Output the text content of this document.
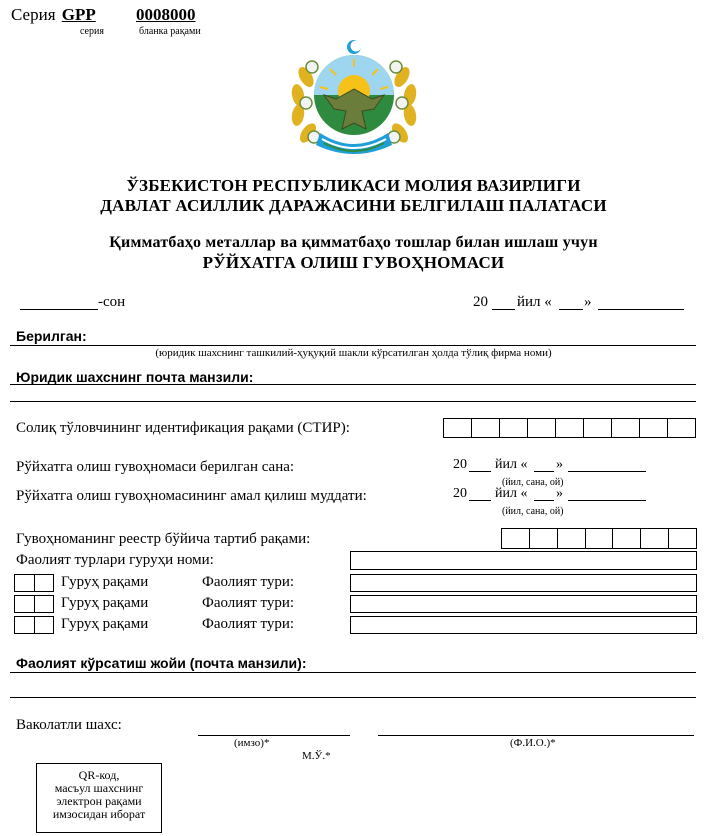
Серия GPP 0008000
серия	бланка рақами
ЎЗБЕКИСТОН РЕСПУБЛИКАСИ МОЛИЯ ВАЗИРЛИГИ
ДАВЛАТ АСИЛЛИК ДАРАЖАСИНИ БЕЛГИЛАШ ПАЛАТАСИ
Қимматбаҳо металлар ва қимматбаҳо тошлар билан ишлаш учун
РЎЙХАТГА ОЛИШ ГУВОҲНОМАСИ
-сон	20 йил « »
Берилган:
(юридик шахснинг ташкилий-ҳуқуқий шакли кўрсатилган ҳолда тўлиқ фирма номи)
Юридик шахснинг почта манзили:
Солиқ тўловчининг идентификация рақами (СТИР):
Рўйхатга олиш гувоҳномаси берилган сана:	20 йил « »
(йил, сана, ой)
Рўйхатга олиш гувоҳномасининг амал қилиш муддати:	20 йил « »
(йил, сана, ой)
Гувоҳноманинг реестр бўйича тартиб рақами:
Фаолият турлари гуруҳи номи:
Гуруҳ рақами	Фаолият тури:
Гуруҳ рақами	Фаолият тури:
Гуруҳ рақами	Фаолият тури:
Фаолият кўрсатиш жойи (почта манзили):
Ваколатли шахс:
(имзо)*	(Ф.И.О.)*
М.Ў.*
QR-код,
масъул шахснинг
электрон рақами
имзосидан иборат
